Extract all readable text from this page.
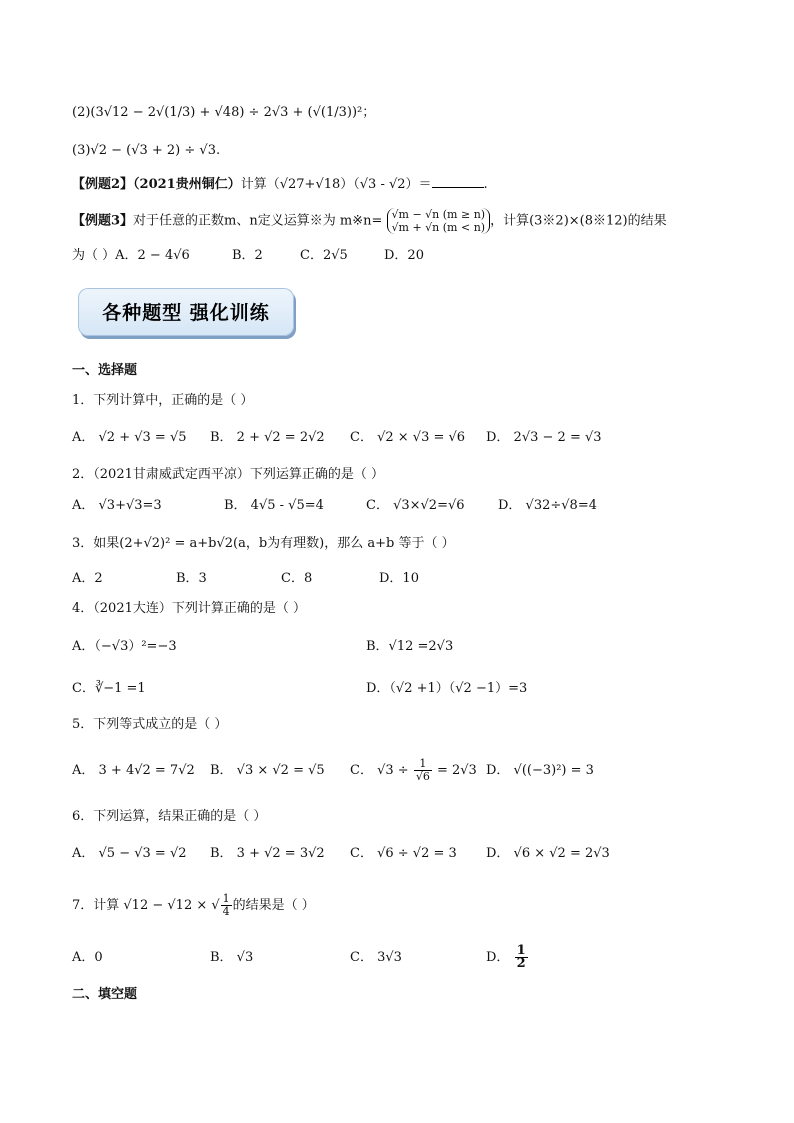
(2)(3√12 − 2√(1/3) + √48) ÷ 2√3 + (√(1/3))²；
(3)√2 − (√3 + 2) ÷ √3.
【例题2】（2021贵州铜仁）计算（√27+√18）（√3 - √2）＝	.
【例题3】对于任意的正数m、n定义运算※为 m※n= √m − √n (m ≥ n)
√m + √n (m < n) ，计算(3※2)×(8※12)的结果
为（ ）A．2 − 4√6	B．2	C．2√5	D．20
各种题型 强化训练
一、选择题
1．下列计算中，正确的是（ ）
A． √2 + √3 = √5 B． 2 + √2 = 2√2 C． √2 × √3 = √6 D． 2√3 − 2 = √3
2．（2021甘肃威武定西平凉）下列运算正确的是（ ）
A． √3+√3=3	B． 4√5 - √5=4	C． √3×√2=√6	D． √32÷√8=4
3．如果(2+√2)² = a+b√2(a，b为有理数)，那么 a+b 等于（ ）
A．2	B．3	C．8	D．10
4．（2021大连）下列计算正确的是（ ）
A．（−√3）²=−3	B．√12 =2√3
C．∛−1 =1	D．（√2 +1）（√2 −1）=3
5．下列等式成立的是（ ）
A． 3 + 4√2 = 7√2 B． √3 × √2 = √5 C． $√3 \div \frac{1}{√6} = 2√3$ D． √((−3)²) = 3
6．下列运算，结果正确的是（ ）
A． √5 − √3 = √2 B． 3 + √2 = 3√2 C． √6 ÷ √2 = 3 D． √6 × √2 = 2√3
7．计算 √12 − √12 × √ $\frac{1}{4}$ 的结果是（ ）
A．0	B． √3	C． 3√3	D． $\frac{1}{2}$
二、填空题
